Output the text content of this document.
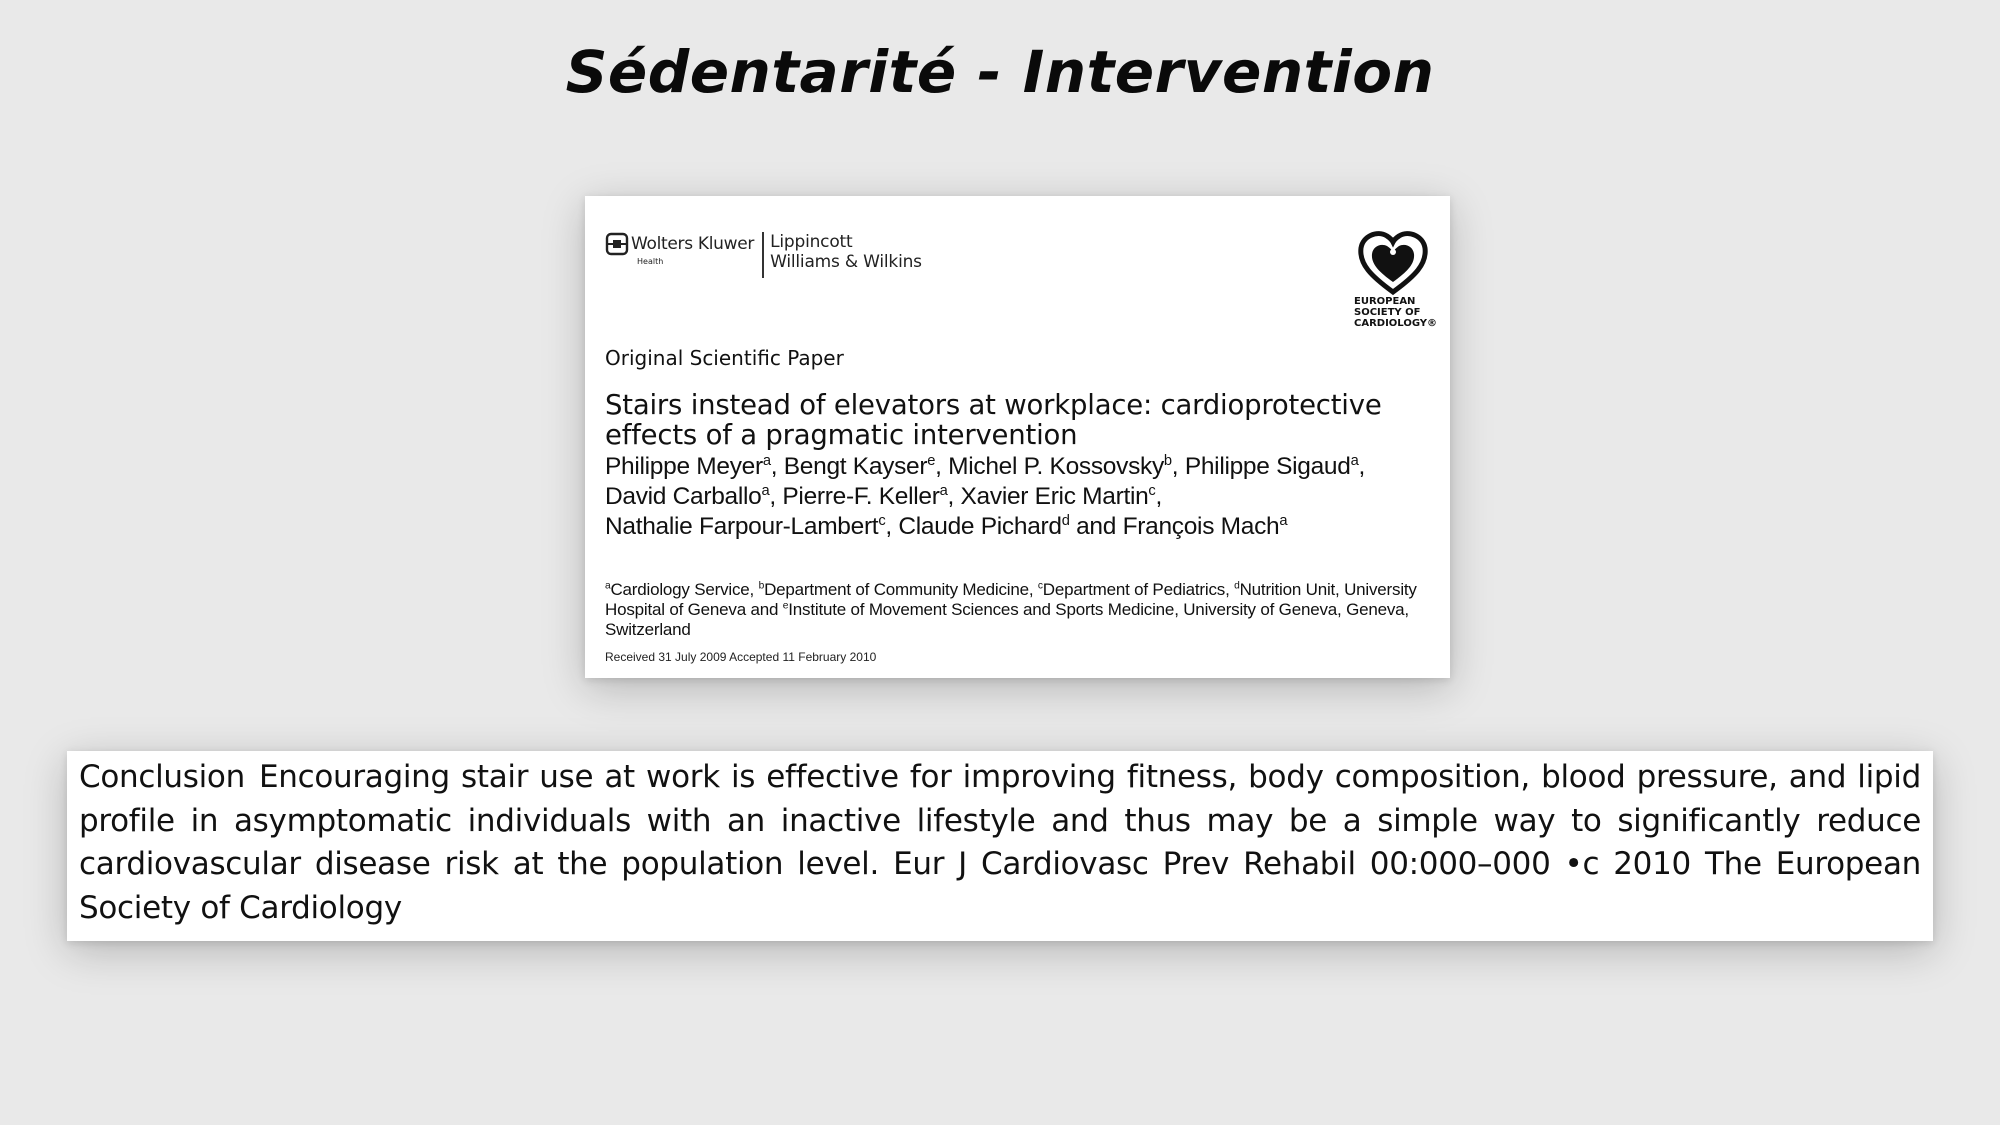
Sédentarité - Intervention
Wolters Kluwer
Health
Lippincott
Williams & Wilkins
EUROPEAN
SOCIETY OF
CARDIOLOGY®
Original Scientific Paper
Stairs instead of elevators at workplace: cardioprotective
effects of a pragmatic intervention
Philippe Meyer$^a$, Bengt Kayser$^e$, Michel P. Kossovsky$^b$, Philippe Sigaud$^a$,
David Carballo$^a$, Pierre-F. Keller$^a$, Xavier Eric Martin$^c$,
Nathalie Farpour-Lambert$^c$, Claude Pichard$^d$ and François Mach$^a$
$^a$Cardiology Service, $^b$Department of Community Medicine, $^c$Department of Pediatrics, $^d$Nutrition Unit, University Hospital of Geneva and $^e$Institute of Movement Sciences and Sports Medicine, University of Geneva, Geneva, Switzerland
Received 31 July 2009 Accepted 11 February 2010
Conclusion Encouraging stair use at work is effective for improving fitness, body composition, blood pressure, and lipid profile in asymptomatic individuals with an inactive lifestyle and thus may be a simple way to significantly reduce cardiovascular disease risk at the population level. Eur J Cardiovasc Prev Rehabil 00:000–000 •c 2010 The European Society of Cardiology
